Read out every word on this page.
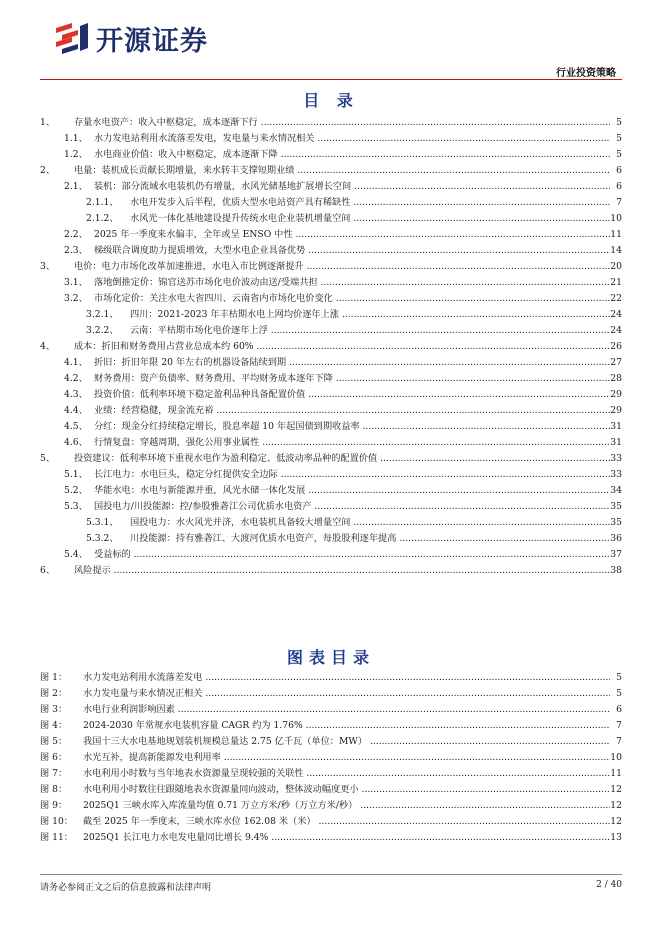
开源证券
行业投资策略
目 录
1、 存量水电资产：收入中枢稳定，成本逐渐下行 .....	5
1.1、 水力发电站利用水流落差发电，发电量与来水情况相关 .....	5
1.2、 水电商业价值：收入中枢稳定，成本逐渐下降 .....	5
2、 电量：装机成长贡献长期增量，来水转丰支撑短期业绩 .....	6
2.1、 装机：部分流域水电装机仍有增量，水风光储基地扩展增长空间 .....	6
2.1.1、 水电开发步入后半程，优质大型水电站资产具有稀缺性 .....	7
2.1.2、 水风光一体化基地建设提升传统水电企业装机增量空间 .....	10
2.2、 2025 年一季度来水偏丰，全年或呈 ENSO 中性 .....	11
2.3、 梯级联合调度助力提质增效，大型水电企业具备优势 .....	14
3、 电价：电力市场化改革加速推进，水电入市比例逐渐提升 .....	20
3.1、 落地倒推定价：锦官送苏市场化电价波动由送/受端共担 .....	21
3.2、 市场化定价：关注水电大省四川、云南省内市场化电价变化 .....	22
3.2.1、 四川：2021-2023 年丰枯期水电上网均价逐年上涨 .....	24
3.2.2、 云南：平枯期市场化电价逐年上浮 .....	24
4、 成本：折旧和财务费用占营业总成本约 60% .....	26
4.1、 折旧：折旧年限 20 年左右的机器设备陆续到期 .....	27
4.2、 财务费用：资产负债率、财务费用、平均财务成本逐年下降 .....	28
4.3、 投资价值：低利率环境下稳定盈利品种具备配置价值 .....	29
4.4、 业绩：经营稳健，现金流充裕 .....	29
4.5、 分红：现金分红持续稳定增长，股息率超 10 年起国债到期收益率 .....	31
4.6、 行情复盘：穿越周期，强化公用事业属性 .....	31
5、 投资建议：低利率环境下重视水电作为盈利稳定、低波动率品种的配置价值 .....	33
5.1、 长江电力：水电巨头，稳定分红提供安全边际 .....	33
5.2、 华能水电：水电与新能源并重，风光水储一体化发展 .....	34
5.3、 国投电力/川投能源：控/参股雅砻江公司优质水电资产 .....	35
5.3.1、 国投电力：水火风光并济，水电装机具备较大增量空间 .....	35
5.3.2、 川投能源：持有雅砻江、大渡河优质水电资产，每股股利逐年提高 .....	36
5.4、 受益标的 .....	37
6、 风险提示 .....	38
图表目录
图 1： 水力发电站利用水流落差发电 .....	5
图 2： 水力发电量与来水情况正相关 .....	5
图 3： 水电行业利润影响因素 .....	6
图 4： 2024-2030 年常规水电装机容量 CAGR 约为 1.76% .....	7
图 5： 我国十三大水电基地规划装机规模总量达 2.75 亿千瓦（单位：MW） .....	7
图 6： 水光互补，提高新能源发电利用率 .....	10
图 7： 水电利用小时数与当年地表水资源量呈现较强的关联性 .....	11
图 8： 水电利用小时数往往跟随地表水资源量同向波动，整体波动幅度更小 .....	12
图 9： 2025Q1 三峡水库入库流量均值 0.71 万立方米/秒（万立方米/秒） .....	12
图 10： 截至 2025 年一季度末，三峡水库水位 162.08 米（米） .....	12
图 11： 2025Q1 长江电力水电发电量同比增长 9.4% .....	13
请务必参阅正文之后的信息披露和法律声明	2 / 40
